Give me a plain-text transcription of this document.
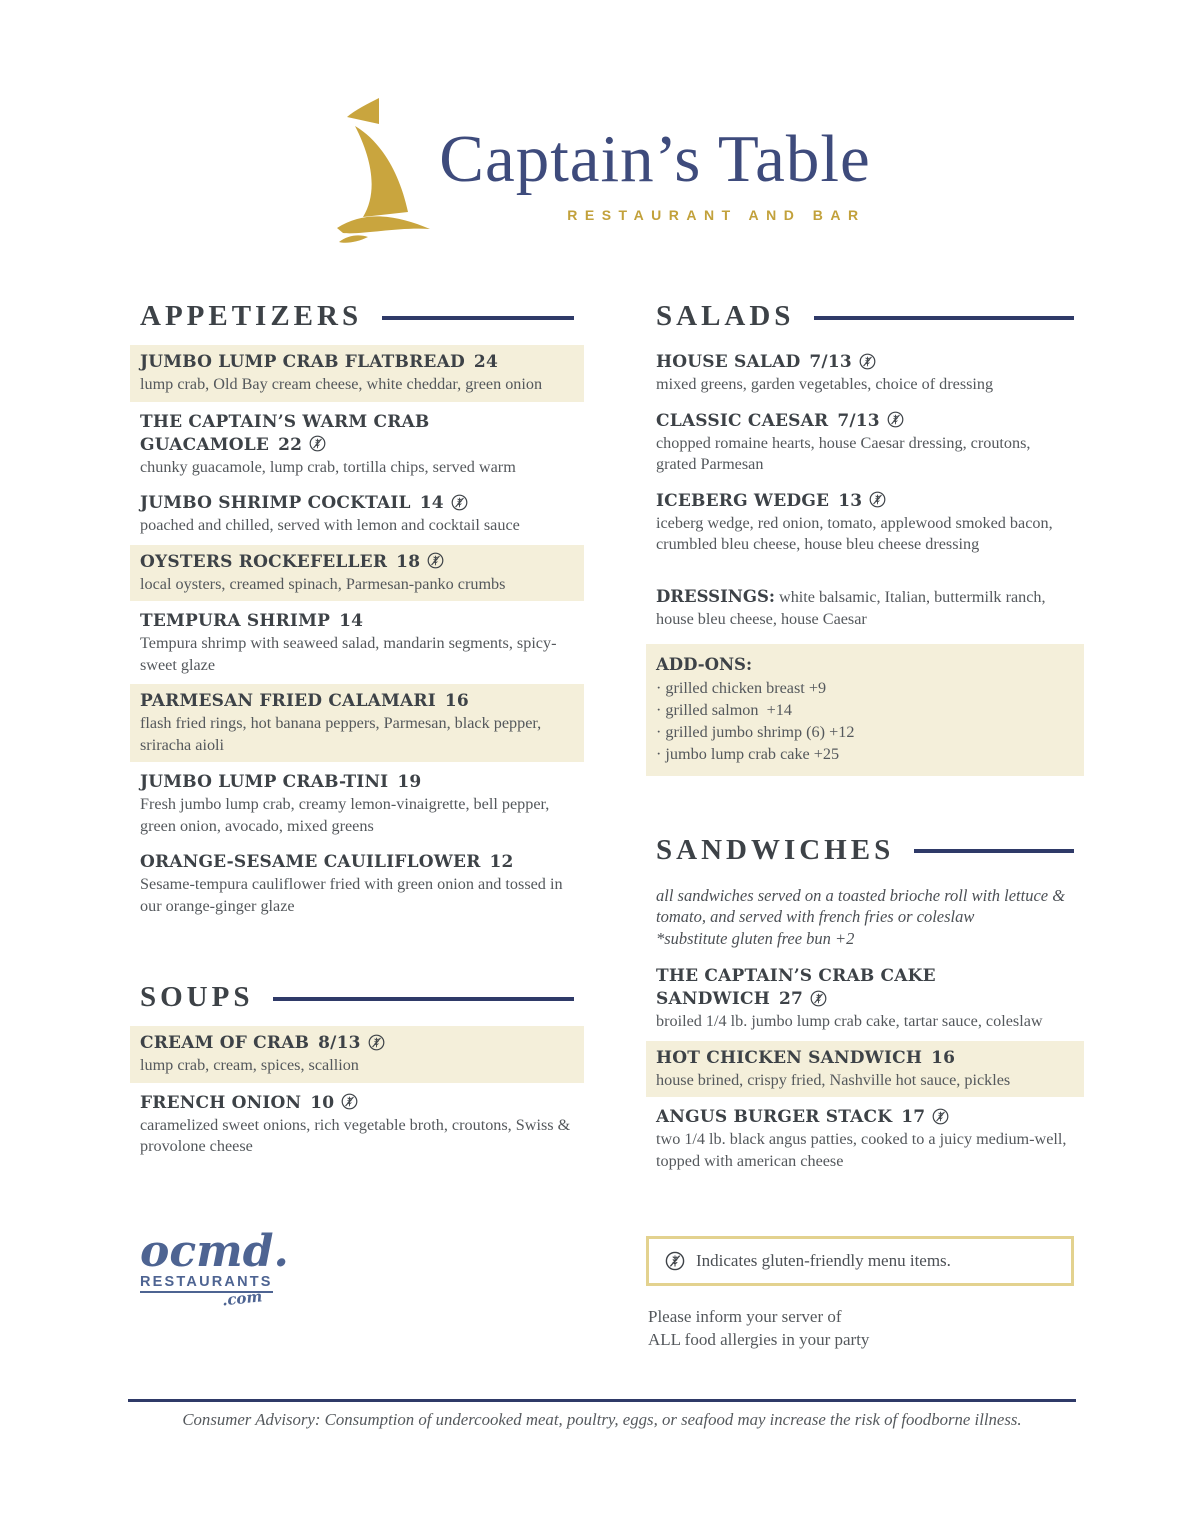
Captain’s Table
RESTAURANT AND BAR
APPETIZERS
JUMBO LUMP CRAB FLATBREAD 24
lump crab, Old Bay cream cheese, white cheddar, green onion
THE CAPTAIN’S WARM CRAB GUACAMOLE 22
chunky guacamole, lump crab, tortilla chips, served warm
JUMBO SHRIMP COCKTAIL 14
poached and chilled, served with lemon and cocktail sauce
OYSTERS ROCKEFELLER 18
local oysters, creamed spinach, Parmesan-panko crumbs
TEMPURA SHRIMP 14
Tempura shrimp with seaweed salad, mandarin segments, spicy-sweet glaze
PARMESAN FRIED CALAMARI 16
flash fried rings, hot banana peppers, Parmesan, black pepper, sriracha aioli
JUMBO LUMP CRAB-TINI 19
Fresh jumbo lump crab, creamy lemon-vinaigrette, bell pepper, green onion, avocado, mixed greens
ORANGE-SESAME CAUILIFLOWER 12
Sesame-tempura cauliflower fried with green onion and tossed in our orange-ginger glaze
SOUPS
CREAM OF CRAB 8/13
lump crab, cream, spices, scallion
FRENCH ONION 10
caramelized sweet onions, rich vegetable broth, croutons, Swiss & provolone cheese
ocmd.
RESTAURANTS
.com
SALADS
HOUSE SALAD 7/13
mixed greens, garden vegetables, choice of dressing
CLASSIC CAESAR 7/13
chopped romaine hearts, house Caesar dressing, croutons, grated Parmesan
ICEBERG WEDGE 13
iceberg wedge, red onion, tomato, applewood smoked bacon, crumbled bleu cheese, house bleu cheese dressing

DRESSINGS: white balsamic, Italian, buttermilk ranch, house bleu cheese, house Caesar

ADD-ONS:
· grilled chicken breast +9
· grilled salmon  +14
· grilled jumbo shrimp (6) +12
· jumbo lump crab cake +25
SANDWICHES
all sandwiches served on a toasted brioche roll with lettuce & tomato, and served with french fries or coleslaw
*substitute gluten free bun +2
THE CAPTAIN’S CRAB CAKE SANDWICH 27
broiled 1/4 lb. jumbo lump crab cake, tartar sauce, coleslaw
HOT CHICKEN SANDWICH 16
house brined, crispy fried, Nashville hot sauce, pickles
ANGUS BURGER STACK 17
two 1/4 lb. black angus patties, cooked to a juicy medium-well, topped with american cheese
Indicates gluten-friendly menu items.
Please inform your server of
ALL food allergies in your party
Consumer Advisory: Consumption of undercooked meat, poultry, eggs, or seafood may increase the risk of foodborne illness.
